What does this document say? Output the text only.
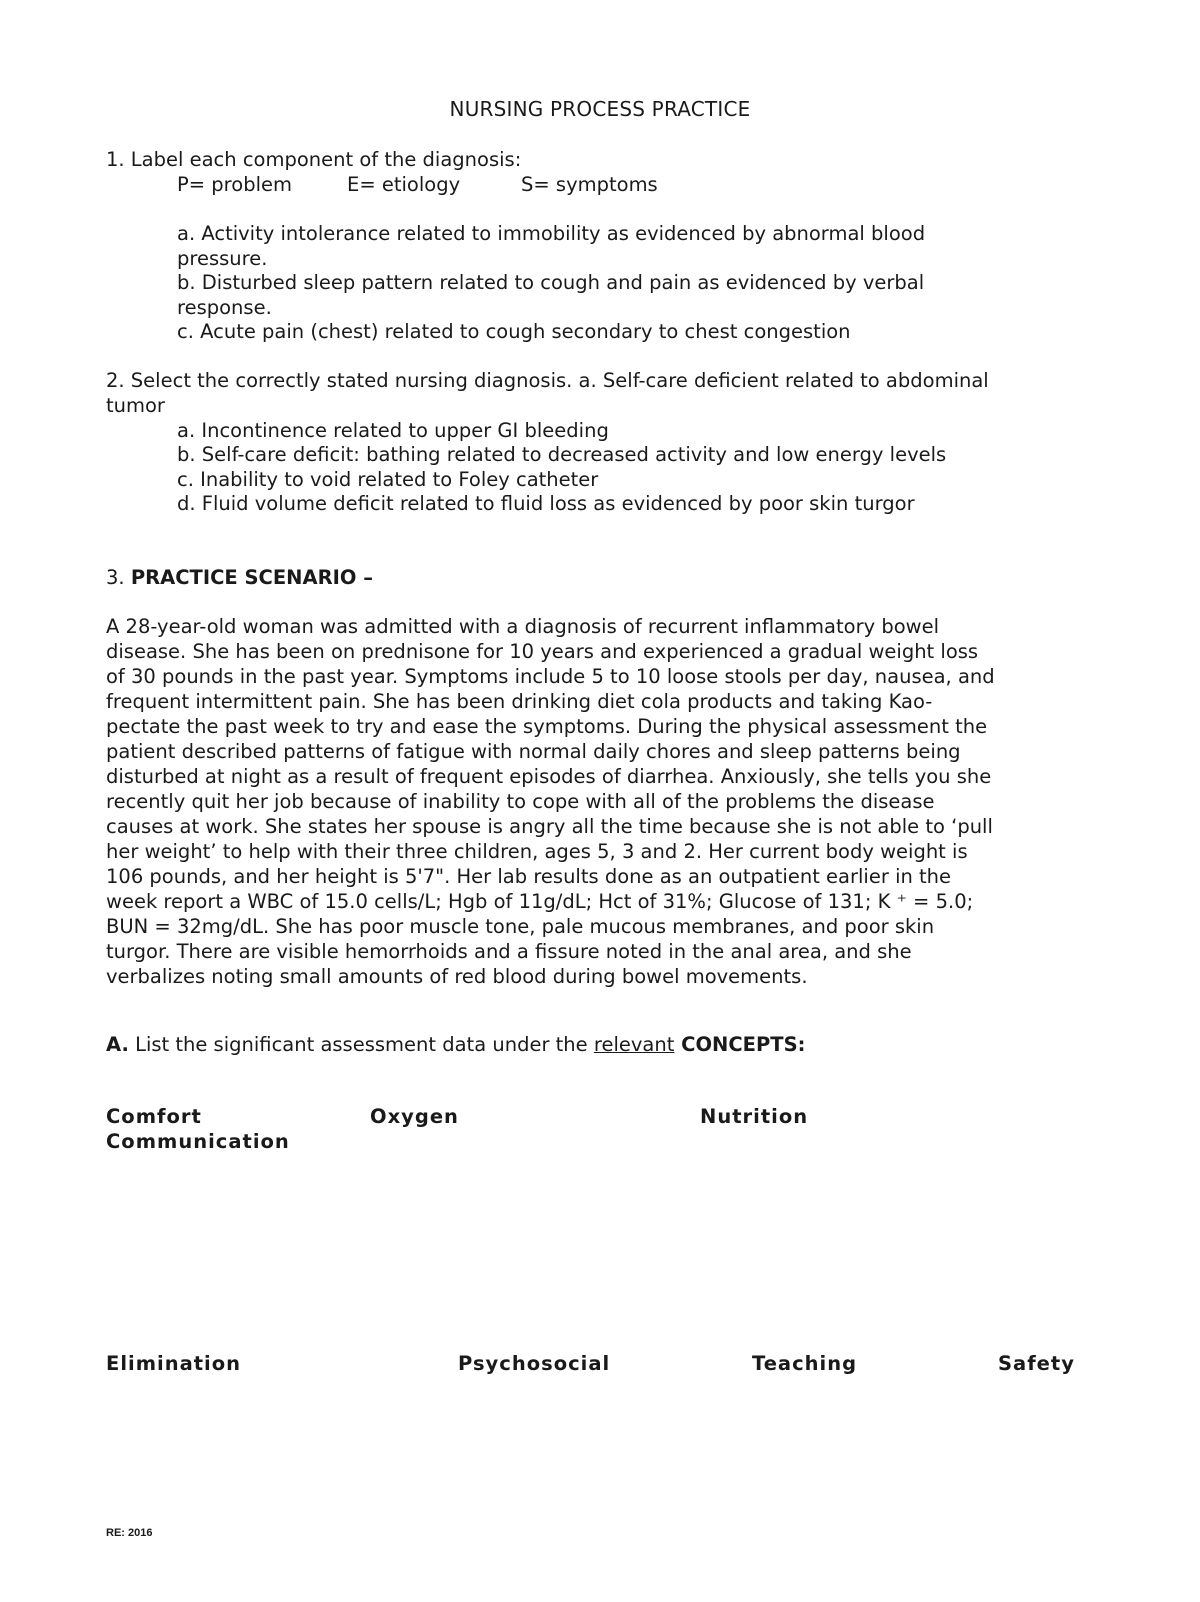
NURSING PROCESS PRACTICE
1. Label each component of the diagnosis:
P= problem	E= etiology	S= symptoms
a. Activity intolerance related to immobility as evidenced by abnormal blood
pressure.
b. Disturbed sleep pattern related to cough and pain as evidenced by verbal
response.
c. Acute pain (chest) related to cough secondary to chest congestion
2. Select the correctly stated nursing diagnosis. a. Self-care deficient related to abdominal
tumor
a. Incontinence related to upper GI bleeding
b. Self-care deficit: bathing related to decreased activity and low energy levels
c. Inability to void related to Foley catheter
d. Fluid volume deficit related to fluid loss as evidenced by poor skin turgor
3. PRACTICE SCENARIO –
A 28-year-old woman was admitted with a diagnosis of recurrent inflammatory bowel
disease. She has been on prednisone for 10 years and experienced a gradual weight loss
of 30 pounds in the past year. Symptoms include 5 to 10 loose stools per day, nausea, and
frequent intermittent pain. She has been drinking diet cola products and taking Kao-
pectate the past week to try and ease the symptoms. During the physical assessment the
patient described patterns of fatigue with normal daily chores and sleep patterns being
disturbed at night as a result of frequent episodes of diarrhea. Anxiously, she tells you she
recently quit her job because of inability to cope with all of the problems the disease
causes at work. She states her spouse is angry all the time because she is not able to ‘pull
her weight’ to help with their three children, ages 5, 3 and 2. Her current body weight is
106 pounds, and her height is 5'7". Her lab results done as an outpatient earlier in the
week report a WBC of 15.0 cells/L; Hgb of 11g/dL; Hct of 31%; Glucose of 131; K ⁺ = 5.0;
BUN = 32mg/dL. She has poor muscle tone, pale mucous membranes, and poor skin
turgor. There are visible hemorrhoids and a fissure noted in the anal area, and she
verbalizes noting small amounts of red blood during bowel movements.
A. List the significant assessment data under the relevant CONCEPTS:
Comfort	Oxygen	Nutrition
Communication
Elimination	Psychosocial	Teaching	Safety
RE: 2016
